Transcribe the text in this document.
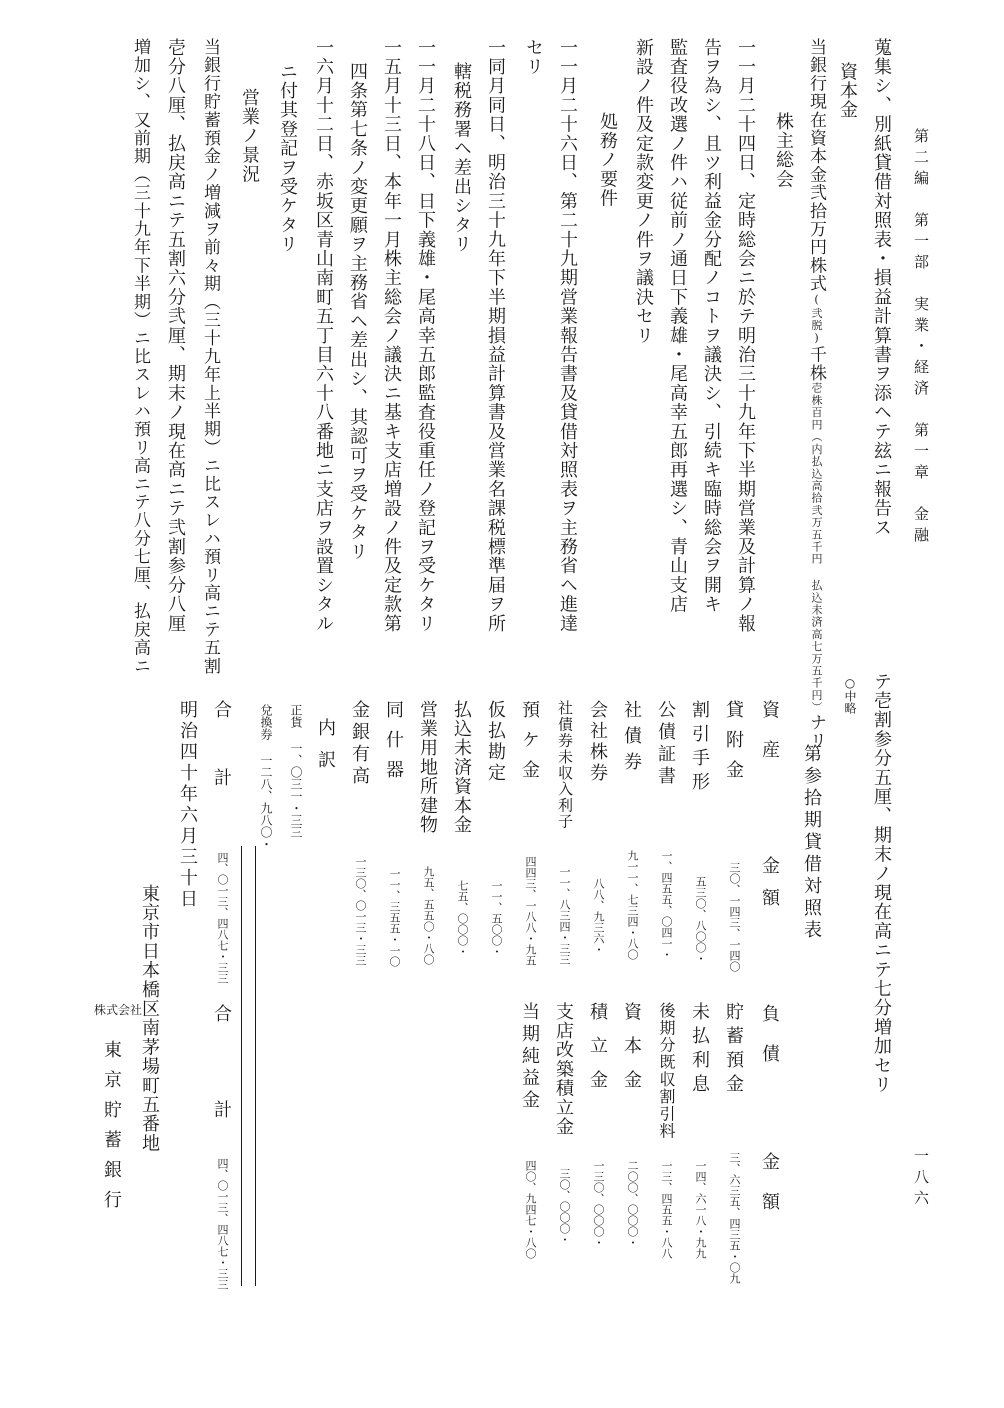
第二編　第一部　実業・経済　第一章　金融
一八六
蒐集シ、別紙貸借対照表・損益計算書ヲ添ヘテ玆ニ報告ス
資本金
当銀行現在資本金弐拾万円株式(弐脱)千株壱株百円（内払込高拾弐万五千円 払込未済高七万五千円）ナリ
株主総会
一一月二十四日、定時総会ニ於テ明治三十九年下半期営業及計算ノ報
告ヲ為シ、且ツ利益金分配ノコトヲ議決シ、引続キ臨時総会ヲ開キ
監査役改選ノ件ハ従前ノ通日下義雄・尾高幸五郎再選シ、青山支店
新設ノ件及定款変更ノ件ヲ議決セリ
処務ノ要件
一一月二十六日、第二十九期営業報告書及貸借対照表ヲ主務省ヘ進達
セリ
一同月同日、明治三十九年下半期損益計算書及営業名課税標準届ヲ所
轄税務署ヘ差出シタリ
一一月二十八日、日下義雄・尾高幸五郎監査役重任ノ登記ヲ受ケタリ
一五月十三日、本年一月株主総会ノ議決ニ基キ支店増設ノ件及定款第
四条第七条ノ変更願ヲ主務省ヘ差出シ、其認可ヲ受ケタリ
一六月十二日、赤坂区青山南町五丁目六十八番地ニ支店ヲ設置シタル
ニ付其登記ヲ受ケタリ
営業ノ景況
当銀行貯蓄預金ノ増減ヲ前々期（三十九年上半期）ニ比スレハ預リ高ニテ五割
壱分八厘、払戻高ニテ五割六分弐厘、期末ノ現在高ニテ弐割参分八厘
増加シ、又前期（三十九年下半期）ニ比スレハ預リ高ニテ八分七厘、払戻高ニ
テ壱割参分五厘、期末ノ現在高ニテ七分増加セリ
○中略
第参拾期貸借対照表
資産
金額
負債
金額
貸附金
三〇、一四三、一四〇
割引手形
五三〇、八〇〇・
公債証書
一、四五五、〇四一・
社債券
九一一、七三四・八〇
会社株券
八八、九三六・
社債券未収入利子
一一、八三四・三三
預ケ金
四四三、一八八・九五
仮払勘定
一一、五〇〇・
払込未済資本金
七五、〇〇〇・
営業用地所建物
九五、五五〇・八〇
同什器
一一、三五五・一〇
金銀有高
一三〇、〇一三・三三
内訳
正貨 一、〇三一・三三
兌換券 一二八、九八〇・
合計
四、〇一三、四八七・三三
合計
四、〇一三、四八七・三三
貯蓄預金
三、六三五、四三五・〇九
未払利息
一四、六一八・九九
後期分既収割引料
一三、四五五・八八
資本金
二〇〇、〇〇〇・
積立金
一三〇、〇〇〇・
支店改築積立金
三〇、〇〇〇・
当期純益金
四〇、九四七・八〇
明治四十年六月三十日
東京市日本橋区南茅場町五番地
株式会社
東京貯蓄銀行
